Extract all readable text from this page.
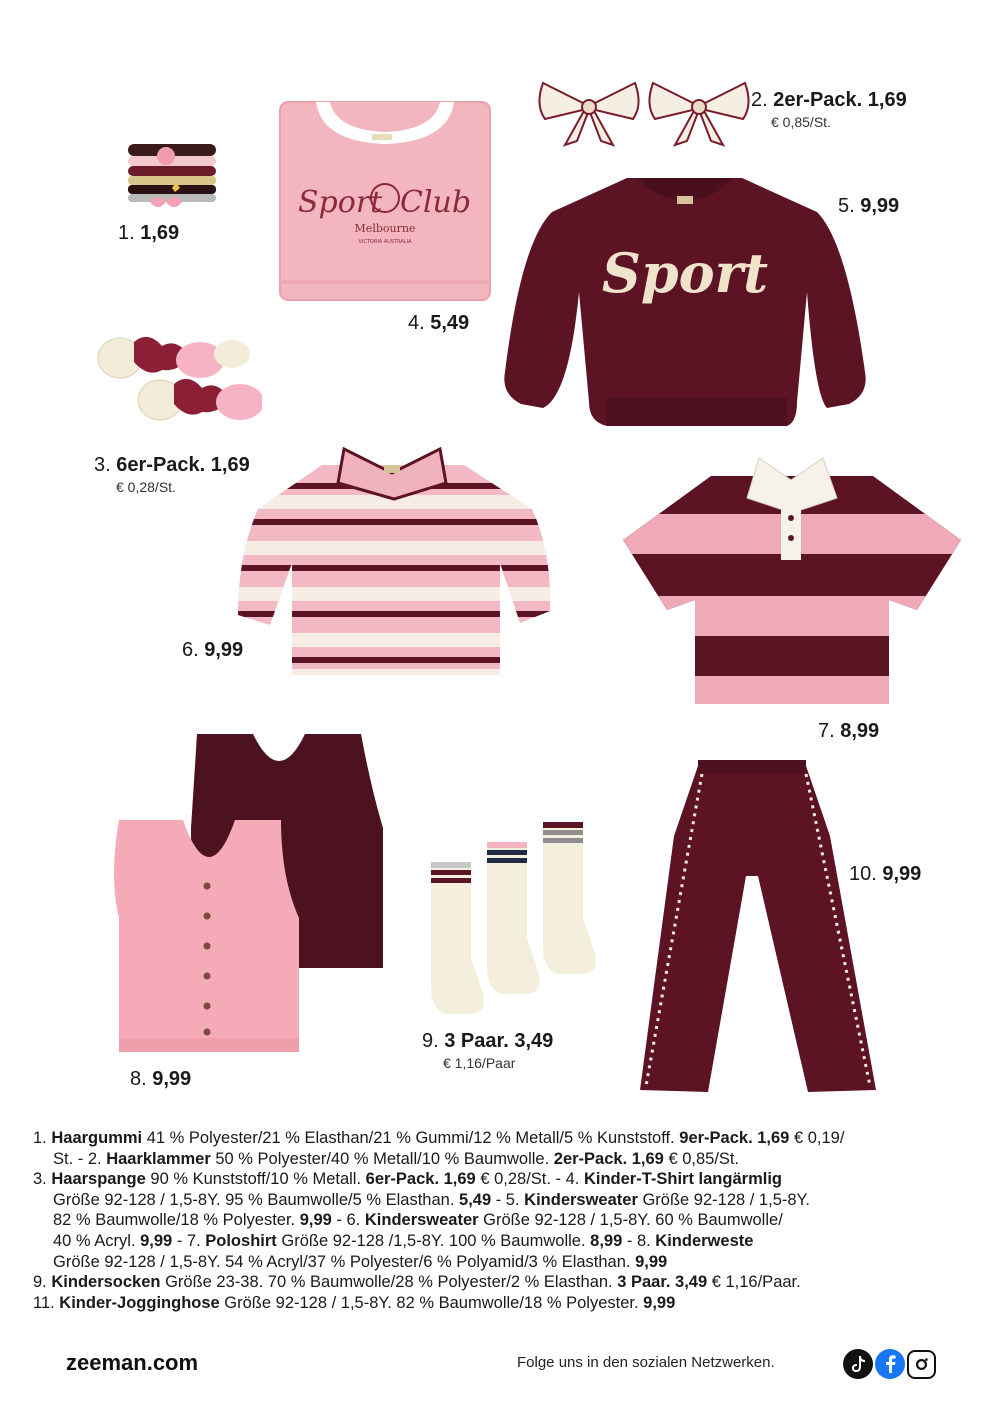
1. 1,69
2. 2er-Pack. 1,69
€ 0,85/St.
3. 6er-Pack. 1,69
€ 0,28/St.
Sport Club
Melbourne
VICTORIA AUSTRALIA
4. 5,49
Sport
5. 9,99
6. 9,99
7. 8,99
8. 9,99
9. 3 Paar. 3,49
€ 1,16/Paar
10. 9,99

1. Haargummi 41 % Polyester/21 % Elasthan/21 % Gummi/12 % Metall/5 % Kunststoff. 9er-Pack. 1,69 € 0,19/

St. - 2. Haarklammer 50 % Polyester/40 % Metall/10 % Baumwolle. 2er-Pack. 1,69 € 0,85/St.

3. Haarspange 90 % Kunststoff/10 % Metall. 6er-Pack. 1,69 € 0,28/St. - 4. Kinder-T-Shirt langärmlig

Größe 92-128 / 1,5-8Y. 95 % Baumwolle/5 % Elasthan. 5,49 - 5. Kindersweater Größe 92-128 / 1,5-8Y.

82 % Baumwolle/18 % Polyester. 9,99 - 6. Kindersweater Größe 92-128 / 1,5-8Y. 60 % Baumwolle/

40 % Acryl. 9,99 - 7. Poloshirt Größe 92-128 /1,5-8Y. 100 % Baumwolle. 8,99 - 8. Kinderweste

Größe 92-128 / 1,5-8Y. 54 % Acryl/37 % Polyester/6 % Polyamid/3 % Elasthan. 9,99

9. Kindersocken Größe 23-38. 70 % Baumwolle/28 % Polyester/2 % Elasthan. 3 Paar. 3,49 € 1,16/Paar.

11. Kinder-Jogginghose Größe 92-128 / 1,5-8Y. 82 % Baumwolle/18 % Polyester. 9,99

zeeman.com	Folge uns in den sozialen Netzwerken.
